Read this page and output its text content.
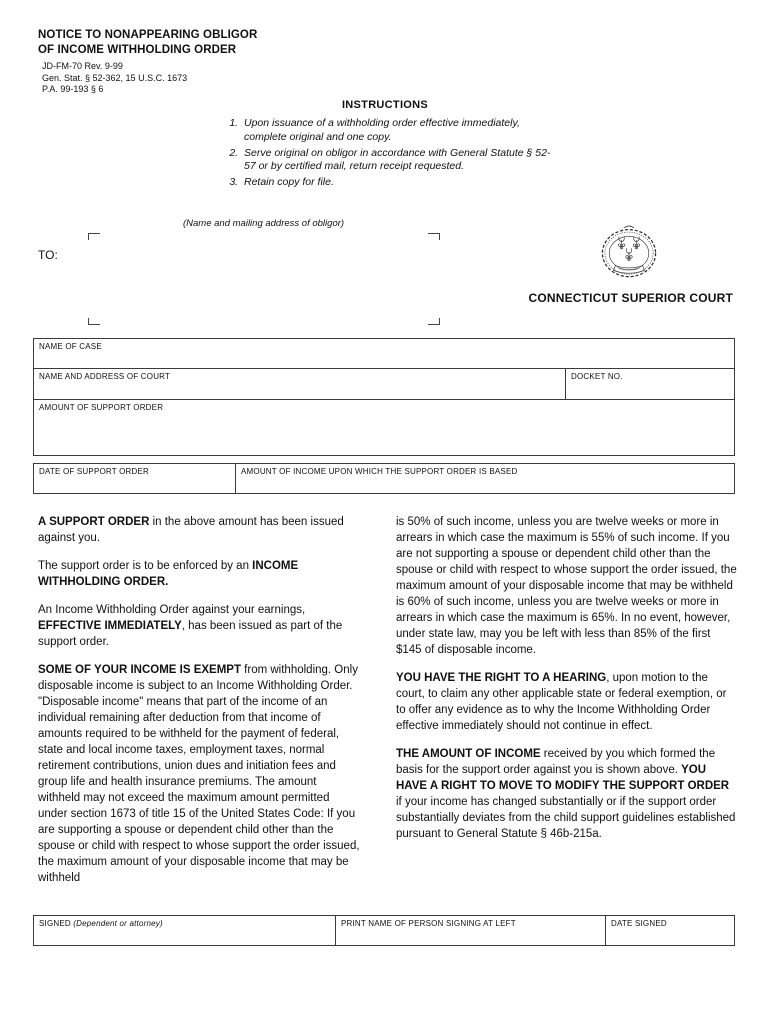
NOTICE TO NONAPPEARING OBLIGOR
OF INCOME WITHHOLDING ORDER
JD-FM-70 Rev. 9-99
Gen. Stat. § 52-362, 15 U.S.C. 1673
P.A. 99-193 § 6
INSTRUCTIONS
1. Upon issuance of a withholding order effective immediately, complete original and one copy.
2. Serve original on obligor in accordance with General Statute § 52-57 or by certified mail, return receipt requested.
3. Retain copy for file.
(Name and mailing address of obligor)
TO:
CONNECTICUT SUPERIOR COURT
NAME OF CASE
NAME AND ADDRESS OF COURT	DOCKET NO.
AMOUNT OF SUPPORT ORDER
DATE OF SUPPORT ORDER	AMOUNT OF INCOME UPON WHICH THE SUPPORT ORDER IS BASED

A SUPPORT ORDER in the above amount has been issued against you.

The support order is to be enforced by an INCOME WITHHOLDING ORDER.

An Income Withholding Order against your earnings, EFFECTIVE IMMEDIATELY, has been issued as part of the support order.

SOME OF YOUR INCOME IS EXEMPT from withholding. Only disposable income is subject to an Income Withholding Order. "Disposable income" means that part of the income of an individual remaining after deduction from that income of amounts required to be withheld for the payment of federal, state and local income taxes, employment taxes, normal retirement contributions, union dues and initiation fees and group life and health insurance premiums. The amount withheld may not exceed the maximum amount permitted under section 1673 of title 15 of the United States Code: If you are supporting a spouse or dependent child other than the spouse or child with respect to whose support the order issued, the maximum amount of your disposable income that may be withheld

is 50% of such income, unless you are twelve weeks or more in arrears in which case the maximum is 55% of such income. If you are not supporting a spouse or dependent child other than the spouse or child with respect to whose support the order issued, the maximum amount of your disposable income that may be withheld is 60% of such income, unless you are twelve weeks or more in arrears in which case the maximum is 65%. In no event, however, under state law, may you be left with less than 85% of the first $145 of disposable income.

YOU HAVE THE RIGHT TO A HEARING, upon motion to the court, to claim any other applicable state or federal exemption, or to offer any evidence as to why the Income Withholding Order effective immediately should not continue in effect.

THE AMOUNT OF INCOME received by you which formed the basis for the support order against you is shown above. YOU HAVE A RIGHT TO MOVE TO MODIFY THE SUPPORT ORDER if your income has changed substantially or if the support order substantially deviates from the child support guidelines established pursuant to General Statute § 46b-215a.

SIGNED (Dependent or attorney)	PRINT NAME OF PERSON SIGNING AT LEFT	DATE SIGNED
